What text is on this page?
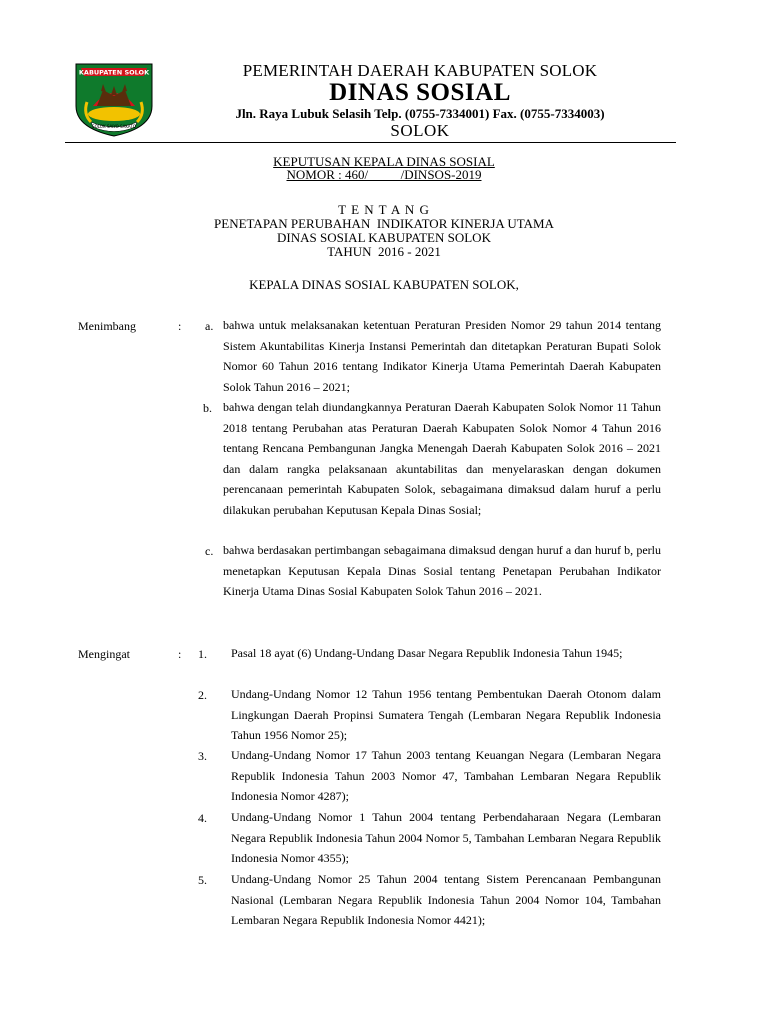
KABUPATEN SOLOK
SOLOK SAIYO SAKATO
PEMERINTAH DAERAH KABUPATEN SOLOK
DINAS SOSIAL
Jln. Raya Lubuk Selasih Telp. (0755-7334001) Fax. (0755-7334003)
SOLOK
KEPUTUSAN KEPALA DINAS SOSIAL
NOMOR : 460/          /DINSOS-2019
T E N T A N G
PENETAPAN PERUBAHAN  INDIKATOR KINERJA UTAMA
DINAS SOSIAL KABUPATEN SOLOK
TAHUN  2016 - 2021
KEPALA DINAS SOSIAL KABUPATEN SOLOK,
Menimbang	: a. bahwa untuk melaksanakan ketentuan Peraturan Presiden Nomor 29 tahun 2014 tentang Sistem Akuntabilitas Kinerja Instansi Pemerintah dan ditetapkan Peraturan Bupati Solok Nomor 60 Tahun 2016 tentang Indikator Kinerja Utama Pemerintah Daerah Kabupaten Solok Tahun 2016 – 2021;
b. bahwa dengan telah diundangkannya Peraturan Daerah Kabupaten Solok Nomor 11 Tahun 2018 tentang Perubahan atas Peraturan Daerah Kabupaten Solok Nomor 4 Tahun 2016 tentang Rencana Pembangunan Jangka Menengah Daerah Kabupaten Solok 2016 – 2021 dan dalam rangka pelaksanaan akuntabilitas dan menyelaraskan dengan dokumen perencanaan pemerintah Kabupaten Solok, sebagaimana dimaksud dalam huruf a perlu dilakukan perubahan Keputusan Kepala Dinas Sosial;
c. bahwa berdasakan pertimbangan sebagaimana dimaksud dengan huruf a dan huruf b, perlu menetapkan Keputusan Kepala Dinas Sosial tentang Penetapan Perubahan Indikator Kinerja Utama Dinas Sosial Kabupaten Solok Tahun 2016 – 2021.
Mengingat	: 1. Pasal 18 ayat (6) Undang-Undang Dasar Negara Republik Indonesia Tahun 1945;
2. Undang-Undang Nomor 12 Tahun 1956 tentang Pembentukan Daerah Otonom dalam Lingkungan Daerah Propinsi Sumatera Tengah (Lembaran Negara Republik Indonesia Tahun 1956 Nomor 25);
3. Undang-Undang Nomor 17 Tahun 2003 tentang Keuangan Negara (Lembaran Negara Republik Indonesia Tahun 2003 Nomor 47, Tambahan Lembaran Negara Republik Indonesia Nomor 4287);
4. Undang-Undang Nomor 1 Tahun 2004 tentang Perbendaharaan Negara (Lembaran Negara Republik Indonesia Tahun 2004 Nomor 5, Tambahan Lembaran Negara Republik Indonesia Nomor 4355);
5. Undang-Undang Nomor 25 Tahun 2004 tentang Sistem Perencanaan Pembangunan Nasional (Lembaran Negara Republik Indonesia Tahun 2004 Nomor 104, Tambahan Lembaran Negara Republik Indonesia Nomor 4421);
